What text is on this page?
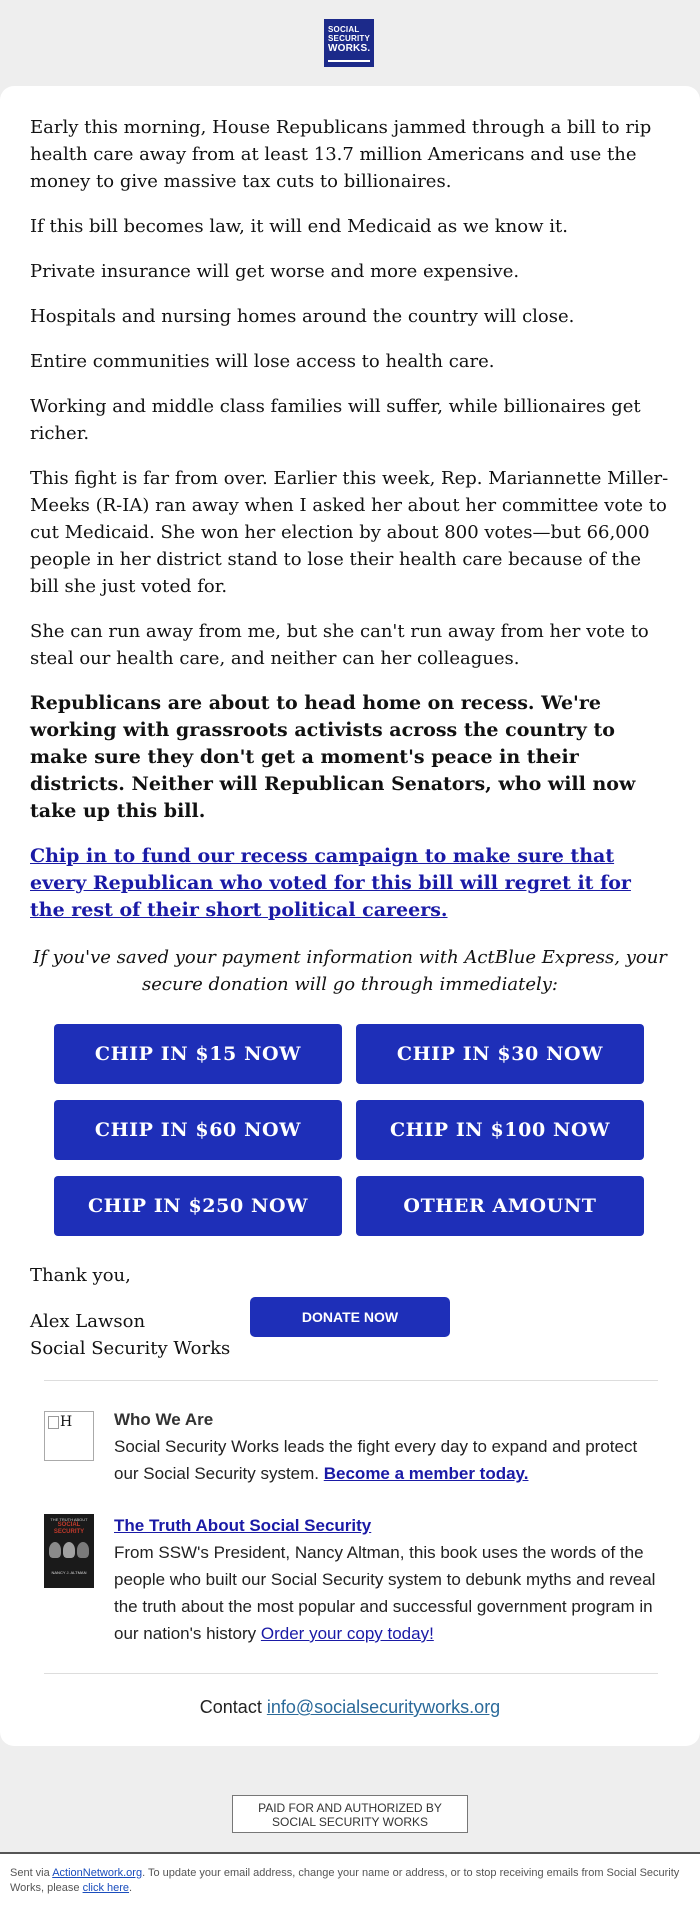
SOCIAL
SECURITY
WORKS.

Early this morning, House Republicans jammed through a bill to rip health care away from at least 13.7 million Americans and use the money to give massive tax cuts to billionaires.

If this bill becomes law, it will end Medicaid as we know it.

Private insurance will get worse and more expensive.

Hospitals and nursing homes around the country will close.

Entire communities will lose access to health care.

Working and middle class families will suffer, while billionaires get richer.

This fight is far from over. Earlier this week, Rep. Mariannette Miller-Meeks (R-IA) ran away when I asked her about her committee vote to cut Medicaid. She won her election by about 800 votes—but 66,000 people in her district stand to lose their health care because of the bill she just voted for.

She can run away from me, but she can't run away from her vote to steal our health care, and neither can her colleagues.

Republicans are about to head home on recess. We're working with grassroots activists across the country to make sure they don't get a moment's peace in their districts. Neither will Republican Senators, who will now take up this bill.

Chip in to fund our recess campaign to make sure that every Republican who voted for this bill will regret it for the rest of their short political careers.
If you've saved your payment information with ActBlue Express, your secure donation will go through immediately:
CHIP IN $15 NOW	CHIP IN $30 NOW
CHIP IN $60 NOW	CHIP IN $100 NOW
CHIP IN $250 NOW	OTHER AMOUNT
Thank you,
Alex Lawson
Social Security Works
DONATE NOW
H	Who We Are
Social Security Works leads the fight every day to expand and protect our Social Security system. Become a member today.
THE TRUTH ABOUT
SOCIAL SECURITY
NANCY J. ALTMAN
The Truth About Social Security
From SSW's President, Nancy Altman, this book uses the words of the people who built our Social Security system to debunk myths and reveal the truth about the most popular and successful government program in our nation's history Order your copy today!
Contact info@socialsecurityworks.org
PAID FOR AND AUTHORIZED BY
SOCIAL SECURITY WORKS
Sent via ActionNetwork.org. To update your email address, change your name or address, or to stop receiving emails from Social Security Works, please click here.
